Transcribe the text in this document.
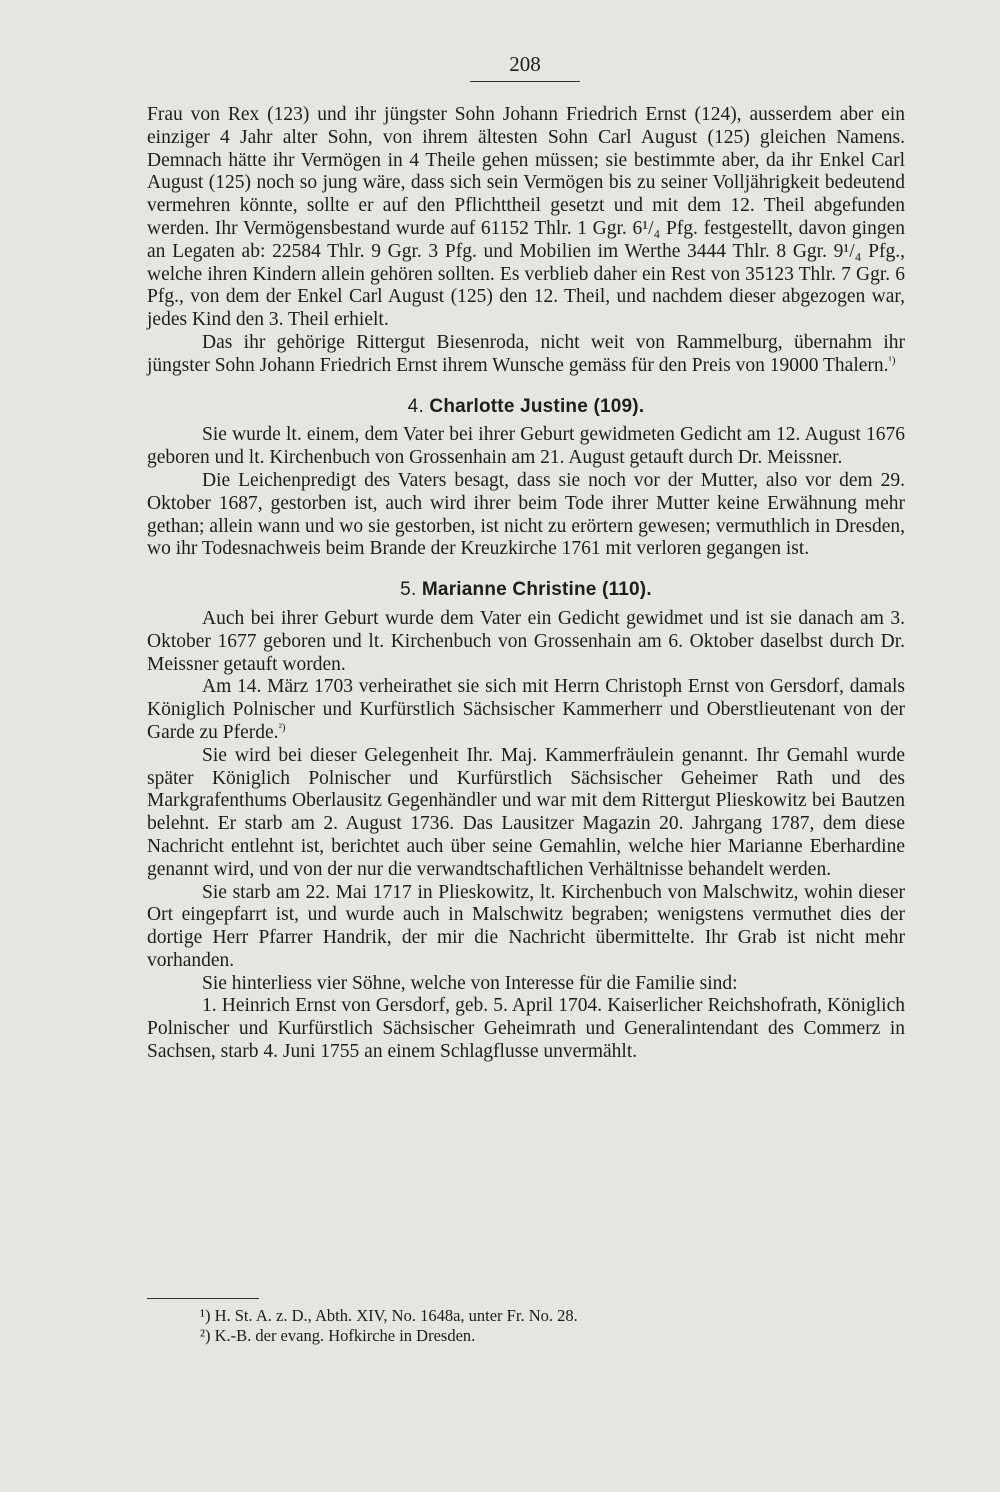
208

Frau von Rex (123) und ihr jüngster Sohn Johann Friedrich Ernst (124), ausserdem aber ein einziger 4 Jahr alter Sohn, von ihrem ältesten Sohn Carl August (125) gleichen Namens. Demnach hätte ihr Vermögen in 4 Theile gehen müssen; sie bestimmte aber, da ihr Enkel Carl August (125) noch so jung wäre, dass sich sein Vermögen bis zu seiner Volljährigkeit bedeutend vermehren könnte, sollte er auf den Pflichttheil gesetzt und mit dem 12. Theil abgefunden werden. Ihr Vermögensbestand wurde auf 61152 Thlr. 1 Ggr. 6¹/₄ Pfg. festgestellt, davon gingen an Legaten ab: 22584 Thlr. 9 Ggr. 3 Pfg. und Mobilien im Werthe 3444 Thlr. 8 Ggr. 9¹/₄ Pfg., welche ihren Kindern allein gehören sollten. Es verblieb daher ein Rest von 35123 Thlr. 7 Ggr. 6 Pfg., von dem der Enkel Carl August (125) den 12. Theil, und nachdem dieser abgezogen war, jedes Kind den 3. Theil erhielt.

Das ihr gehörige Rittergut Biesenroda, nicht weit von Rammelburg, übernahm ihr jüngster Sohn Johann Friedrich Ernst ihrem Wunsche gemäss für den Preis von 19000 Thalern.$^{^1)}$

4. Charlotte Justine (109).

Sie wurde lt. einem, dem Vater bei ihrer Geburt gewidmeten Gedicht am 12. August 1676 geboren und lt. Kirchenbuch von Grossenhain am 21. August getauft durch Dr. Meissner.

Die Leichenpredigt des Vaters besagt, dass sie noch vor der Mutter, also vor dem 29. Oktober 1687, gestorben ist, auch wird ihrer beim Tode ihrer Mutter keine Erwähnung mehr gethan; allein wann und wo sie gestorben, ist nicht zu erörtern gewesen; vermuthlich in Dresden, wo ihr Todesnachweis beim Brande der Kreuzkirche 1761 mit verloren gegangen ist.

5. Marianne Christine (110).

Auch bei ihrer Geburt wurde dem Vater ein Gedicht gewidmet und ist sie danach am 3. Oktober 1677 geboren und lt. Kirchenbuch von Grossenhain am 6. Oktober daselbst durch Dr. Meissner getauft worden.

Am 14. März 1703 verheirathet sie sich mit Herrn Christoph Ernst von Gersdorf, damals Königlich Polnischer und Kurfürstlich Sächsischer Kammerherr und Oberstlieutenant von der Garde zu Pferde.$^{^2)}$

Sie wird bei dieser Gelegenheit Ihr. Maj. Kammerfräulein genannt. Ihr Gemahl wurde später Königlich Polnischer und Kurfürstlich Sächsischer Geheimer Rath und des Markgrafenthums Oberlausitz Gegenhändler und war mit dem Rittergut Plieskowitz bei Bautzen belehnt. Er starb am 2. August 1736. Das Lausitzer Magazin 20. Jahrgang 1787, dem diese Nachricht entlehnt ist, berichtet auch über seine Gemahlin, welche hier Marianne Eberhardine genannt wird, und von der nur die verwandtschaftlichen Verhältnisse behandelt werden.

Sie starb am 22. Mai 1717 in Plieskowitz, lt. Kirchenbuch von Malschwitz, wohin dieser Ort eingepfarrt ist, und wurde auch in Malschwitz begraben; wenigstens vermuthet dies der dortige Herr Pfarrer Handrik, der mir die Nachricht übermittelte. Ihr Grab ist nicht mehr vorhanden.

Sie hinterliess vier Söhne, welche von Interesse für die Familie sind:

1. Heinrich Ernst von Gersdorf, geb. 5. April 1704. Kaiserlicher Reichshofrath, Königlich Polnischer und Kurfürstlich Sächsischer Geheimrath und Generalintendant des Commerz in Sachsen, starb 4. Juni 1755 an einem Schlagflusse unvermählt.

¹) H. St. A. z. D., Abth. XIV, No. 1648a, unter Fr. No. 28.
²) K.-B. der evang. Hofkirche in Dresden.
